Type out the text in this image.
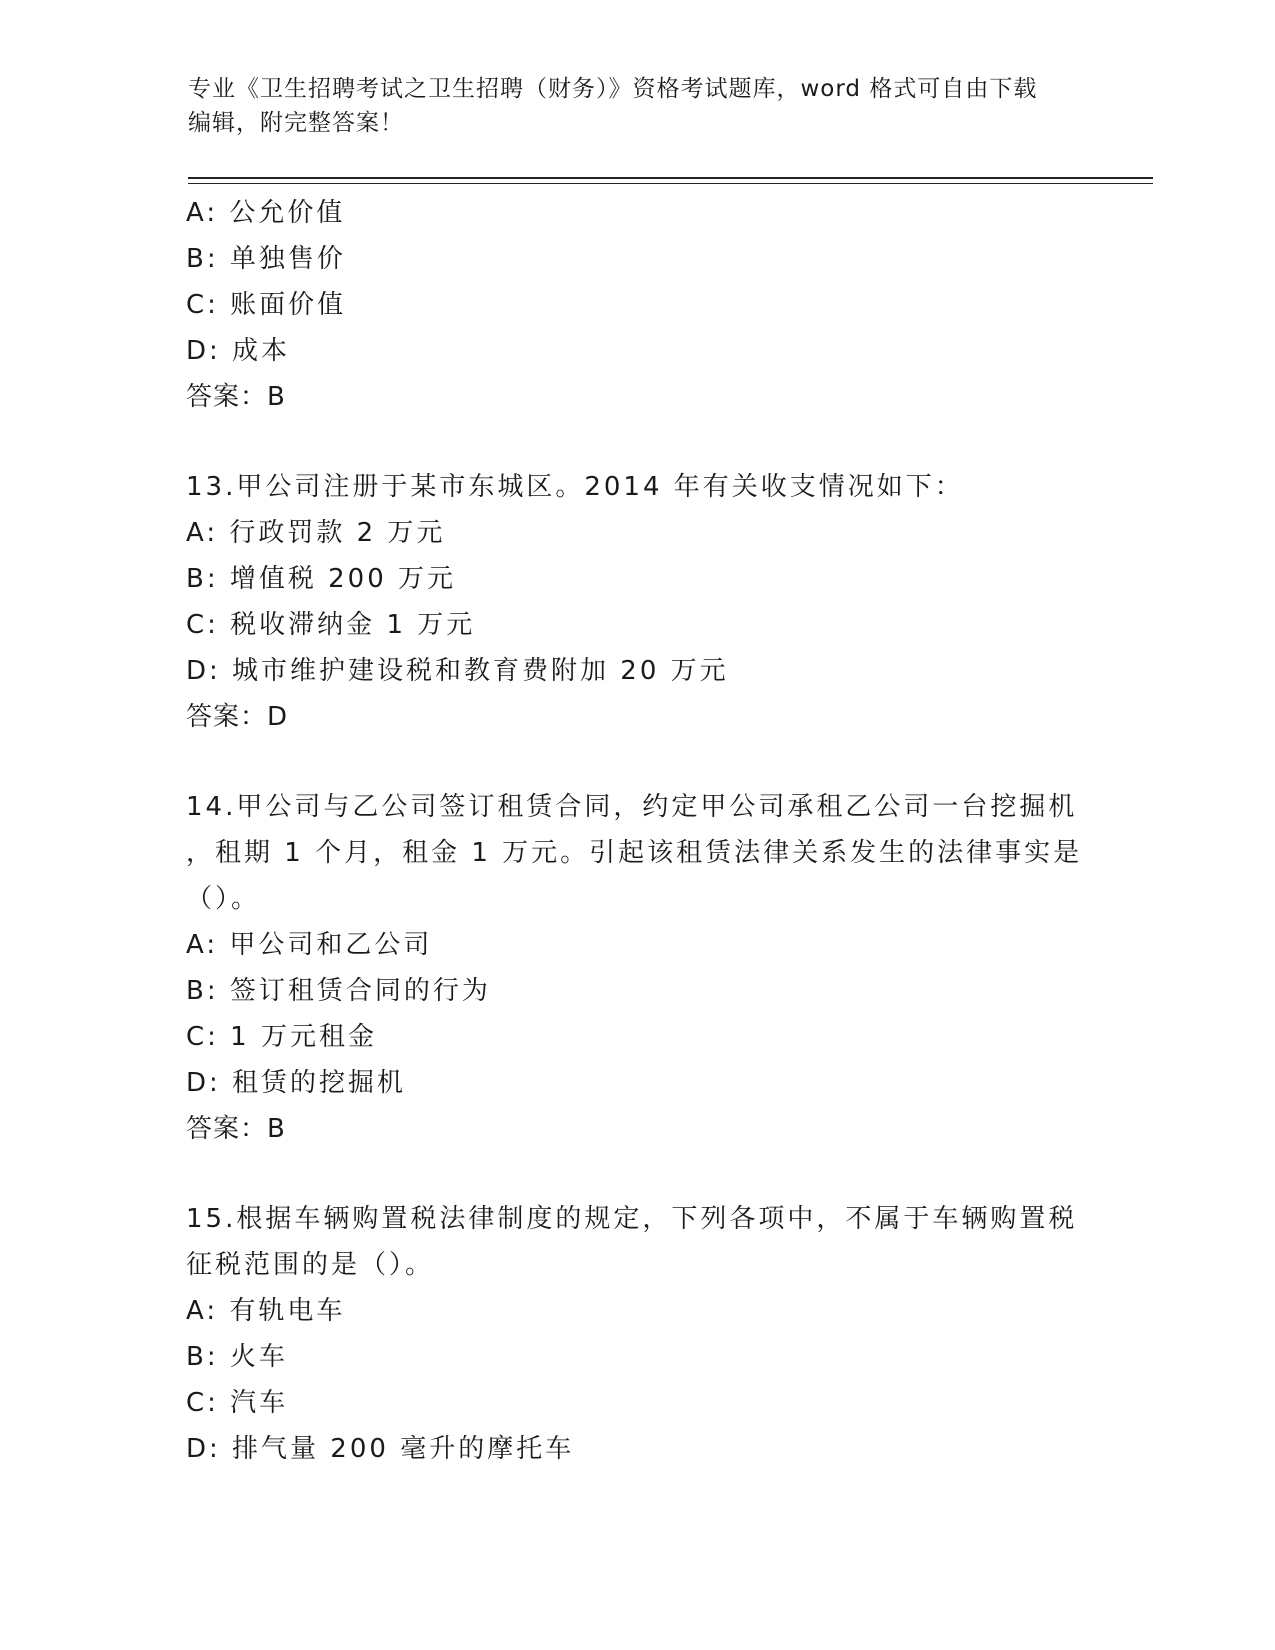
专业《卫生招聘考试之卫生招聘（财务）》资格考试题库，word 格式可自由下载
编辑，附完整答案！
A: 公允价值
B: 单独售价
C: 账面价值
D: 成本
答案：B
13.甲公司注册于某市东城区。2014 年有关收支情况如下：
A: 行政罚款 2 万元
B: 增值税 200 万元
C: 税收滞纳金 1 万元
D: 城市维护建设税和教育费附加 20 万元
答案：D
14.甲公司与乙公司签订租赁合同，约定甲公司承租乙公司一台挖掘机
，租期 1 个月，租金 1 万元。引起该租赁法律关系发生的法律事实是
（）。
A: 甲公司和乙公司
B: 签订租赁合同的行为
C: 1 万元租金
D: 租赁的挖掘机
答案：B
15.根据车辆购置税法律制度的规定，下列各项中，不属于车辆购置税
征税范围的是（）。
A: 有轨电车
B: 火车
C: 汽车
D: 排气量 200 毫升的摩托车
